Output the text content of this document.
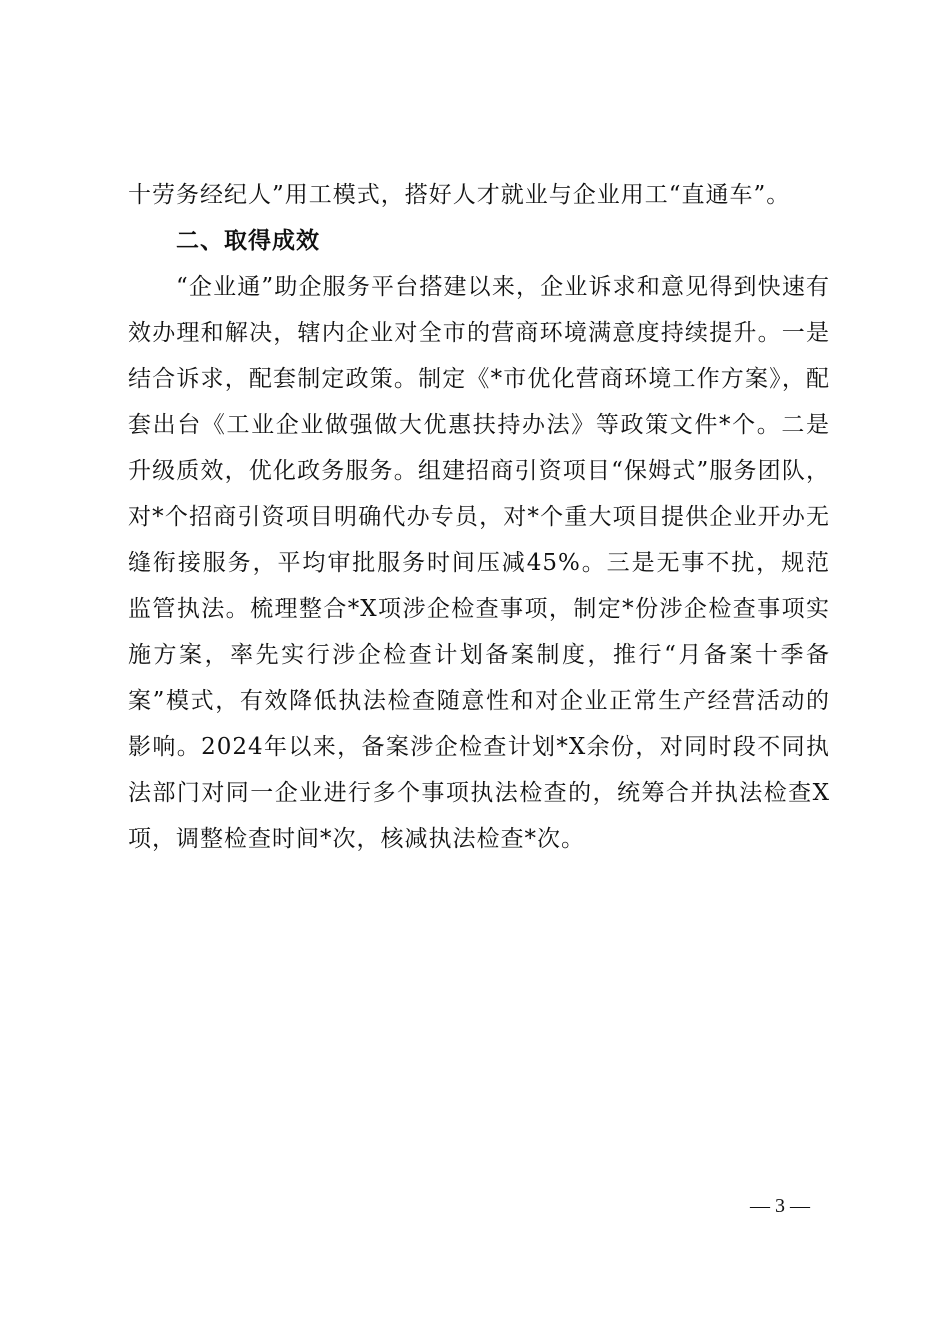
十劳务经纪人”用工模式，搭好人才就业与企业用工“直通车”。

二、取得成效

“企业通”助企服务平台搭建以来，企业诉求和意见得到快速有效办理和解决，辖内企业对全市的营商环境满意度持续提升。一是结合诉求，配套制定政策。制定《*市优化营商环境工作方案》，配套出台《工业企业做强做大优惠扶持办法》等政策文件*个。二是升级质效，优化政务服务。组建招商引资项目“保姆式”服务团队，对*个招商引资项目明确代办专员，对*个重大项目提供企业开办无缝衔接服务，平均审批服务时间压减45%。三是无事不扰，规范监管执法。梳理整合*X项涉企检查事项，制定*份涉企检查事项实施方案，率先实行涉企检查计划备案制度，推行“月备案十季备案”模式，有效降低执法检查随意性和对企业正常生产经营活动的影响。2024年以来，备案涉企检查计划*X余份，对同时段不同执法部门对同一企业进行多个事项执法检查的，统筹合并执法检查X项，调整检查时间*次，核减执法检查*次。

— 3 —
